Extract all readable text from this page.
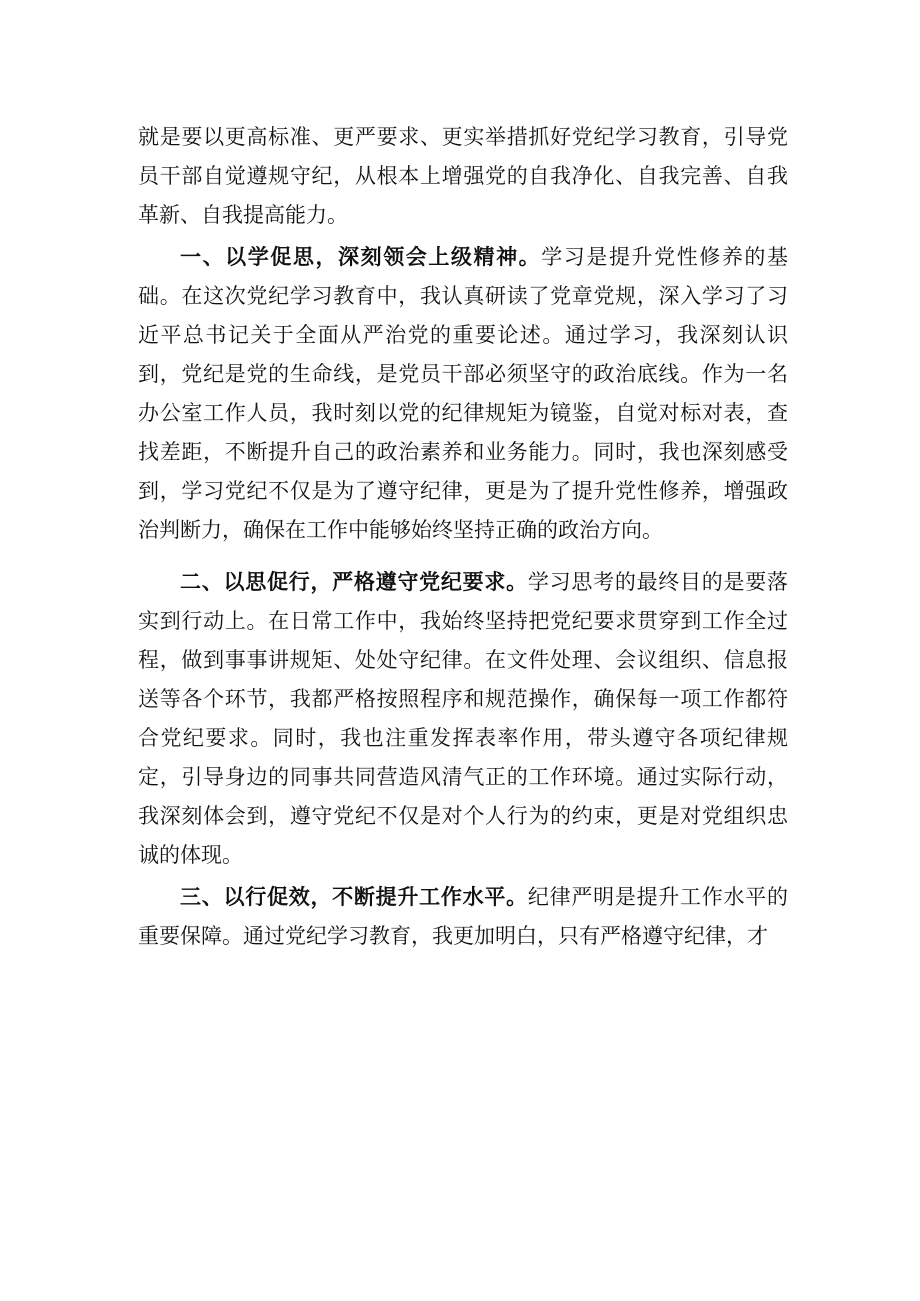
就是要以更高标准、更严要求、更实举措抓好党纪学习教育，引导党员干部自觉遵规守纪，从根本上增强党的自我净化、自我完善、自我革新、自我提高能力。

一、以学促思，深刻领会上级精神。学习是提升党性修养的基础。在这次党纪学习教育中，我认真研读了党章党规，深入学习了习近平总书记关于全面从严治党的重要论述。通过学习，我深刻认识到，党纪是党的生命线，是党员干部必须坚守的政治底线。作为一名办公室工作人员，我时刻以党的纪律规矩为镜鉴，自觉对标对表，查找差距，不断提升自己的政治素养和业务能力。同时，我也深刻感受到，学习党纪不仅是为了遵守纪律，更是为了提升党性修养，增强政治判断力，确保在工作中能够始终坚持正确的政治方向。

二、以思促行，严格遵守党纪要求。学习思考的最终目的是要落实到行动上。在日常工作中，我始终坚持把党纪要求贯穿到工作全过程，做到事事讲规矩、处处守纪律。在文件处理、会议组织、信息报送等各个环节，我都严格按照程序和规范操作，确保每一项工作都符合党纪要求。同时，我也注重发挥表率作用，带头遵守各项纪律规定，引导身边的同事共同营造风清气正的工作环境。通过实际行动，我深刻体会到，遵守党纪不仅是对个人行为的约束，更是对党组织忠诚的体现。

三、以行促效，不断提升工作水平。纪律严明是提升工作水平的重要保障。通过党纪学习教育，我更加明白，只有严格遵守纪律，才
